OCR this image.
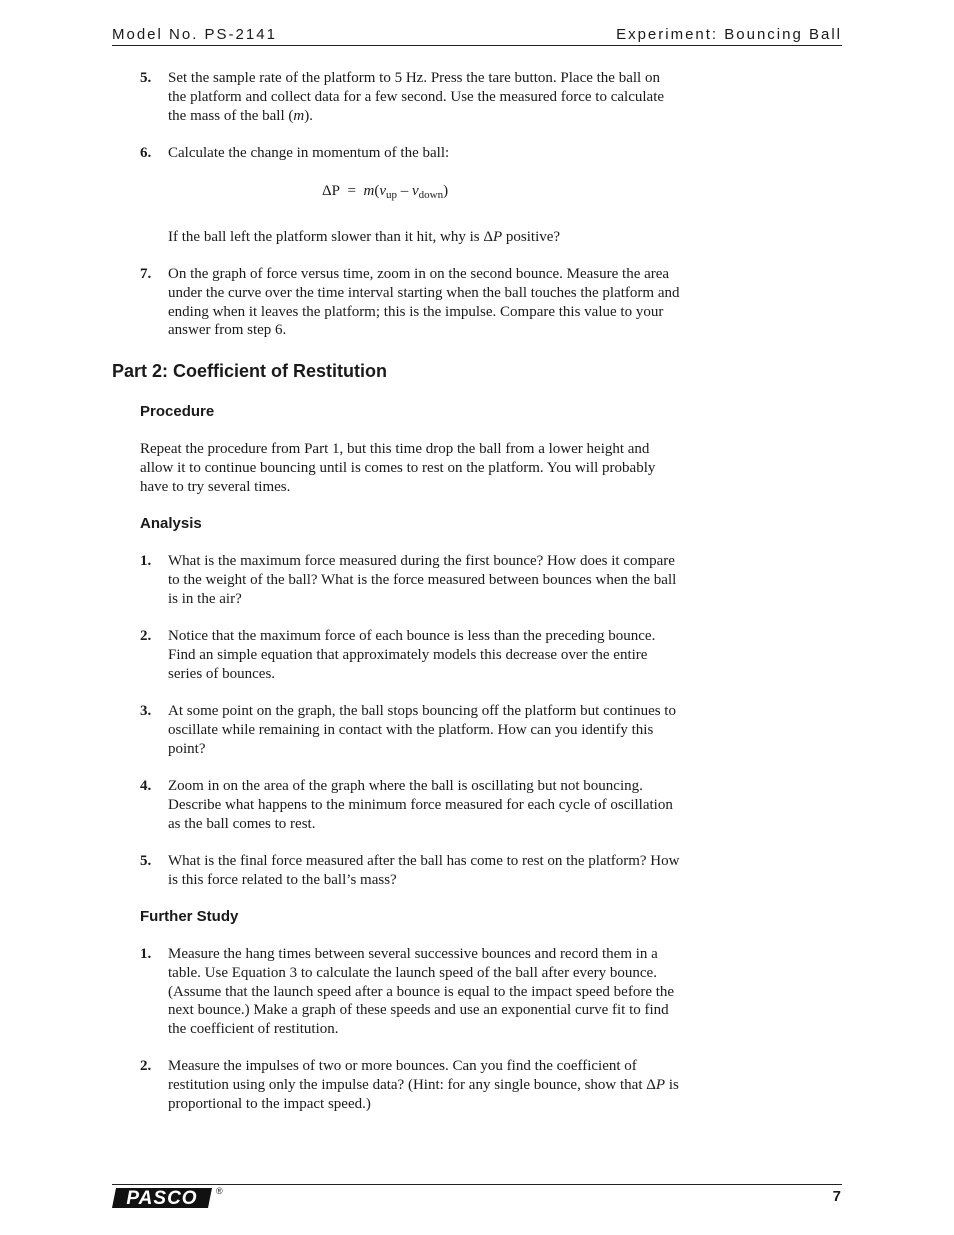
Model No. PS-2141	Experiment: Bouncing Ball
5. Set the sample rate of the platform to 5 Hz. Press the tare button. Place the ball on the platform and collect data for a few second. Use the measured force to calculate the mass of the ball (m).
6. Calculate the change in momentum of the ball:
$\Delta P = m(v_{up} - v_{down})$
If the ball left the platform slower than it hit, why is ΔP positive?
7. On the graph of force versus time, zoom in on the second bounce. Measure the area under the curve over the time interval starting when the ball touches the platform and ending when it leaves the platform; this is the impulse. Compare this value to your answer from step 6.
Part 2: Coefficient of Restitution
Procedure
Repeat the procedure from Part 1, but this time drop the ball from a lower height and allow it to continue bouncing until is comes to rest on the platform. You will probably have to try several times.
Analysis
1. What is the maximum force measured during the first bounce? How does it compare to the weight of the ball? What is the force measured between bounces when the ball is in the air?
2. Notice that the maximum force of each bounce is less than the preceding bounce. Find an simple equation that approximately models this decrease over the entire series of bounces.
3. At some point on the graph, the ball stops bouncing off the platform but continues to oscillate while remaining in contact with the platform. How can you identify this point?
4. Zoom in on the area of the graph where the ball is oscillating but not bouncing. Describe what happens to the minimum force measured for each cycle of oscillation as the ball comes to rest.
5. What is the final force measured after the ball has come to rest on the platform? How is this force related to the ball’s mass?
Further Study
1. Measure the hang times between several successive bounces and record them in a table. Use Equation 3 to calculate the launch speed of the ball after every bounce. (Assume that the launch speed after a bounce is equal to the impact speed before the next bounce.) Make a graph of these speeds and use an exponential curve fit to find the coefficient of restitution.
2. Measure the impulses of two or more bounces. Can you find the coefficient of restitution using only the impulse data? (Hint: for any single bounce, show that ΔP is proportional to the impact speed.)
PASCO ®	7
